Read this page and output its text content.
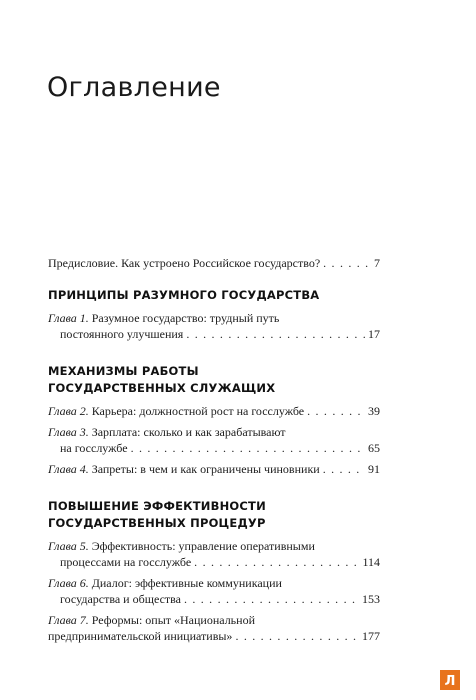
Оглавление
Предисловие. Как устроено Российское государство? . . .	7
ПРИНЦИПЫ РАЗУМНОГО ГОСУДАРСТВА
Глава 1. Разумное государство: трудный путь
постоянного улучшения . . .	17
МЕХАНИЗМЫ РАБОТЫ
ГОСУДАРСТВЕННЫХ СЛУЖАЩИХ
Глава 2. Карьера: должностной рост на госслужбе . . .	39
Глава 3. Зарплата: сколько и как зарабатывают
на госслужбе . . .	65
Глава 4. Запреты: в чем и как ограничены чиновники . . .	91
ПОВЫШЕНИЕ ЭФФЕКТИВНОСТИ
ГОСУДАРСТВЕННЫХ ПРОЦЕДУР
Глава 5. Эффективность: управление оперативными
процессами на госслужбе . . .	114
Глава 6. Диалог: эффективные коммуникации
государства и общества . . .	153
Глава 7. Реформы: опыт «Национальной
предпринимательской инициативы» . . .	177
Л
